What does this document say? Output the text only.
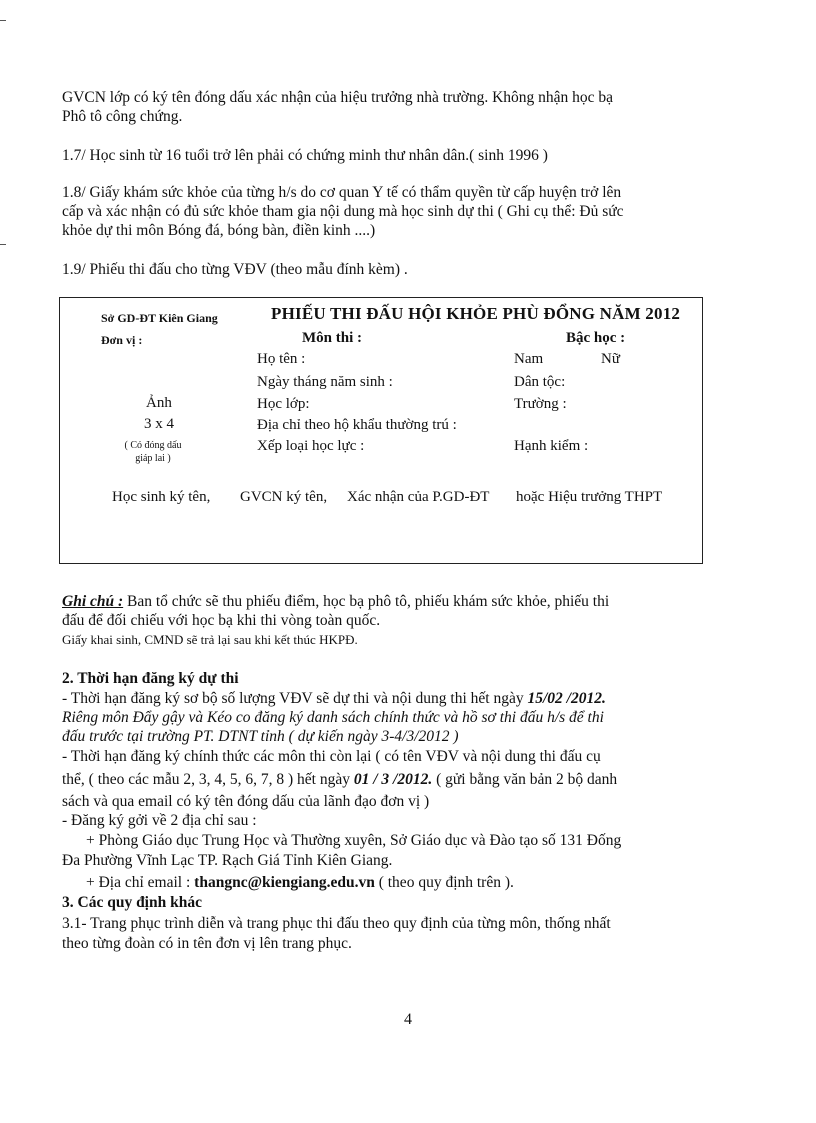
GVCN lớp có ký tên đóng dấu xác nhận của hiệu trưởng nhà trường. Không nhận học bạ
Phô tô công chứng.
1.7/ Học sinh từ 16 tuổi trở lên phải có chứng minh thư nhân dân.( sinh 1996 )
1.8/ Giấy khám sức khỏe của từng h/s do cơ quan Y tế có thẩm quyền từ cấp huyện trở lên
cấp và xác nhận có đủ sức khỏe tham gia nội dung mà học sinh dự thi ( Ghi cụ thể: Đủ sức
khỏe dự thi môn Bóng đá, bóng bàn, điền kinh ....)
1.9/ Phiếu thi đấu cho từng VĐV (theo mẫu đính kèm) .
Sở GD-ĐT Kiên Giang	PHIẾU THI ĐẤU HỘI KHỎE PHÙ ĐỔNG NĂM 2012
Đơn vị :	Môn thi :	Bậc học :
Họ tên :	Nam	Nữ
Ngày tháng năm sinh :	Dân tộc:
Ảnh	Học lớp:	Trường :
3 x 4	Địa chỉ theo hộ khẩu thường trú :
( Có đóng dấu
giáp lai )
Xếp loại học lực :	Hạnh kiểm :
Học sinh ký tên, GVCN ký tên, Xác nhận của P.GD-ĐT hoặc Hiệu trưởng THPT
Ghi chú : Ban tổ chức sẽ thu phiếu điểm, học bạ phô tô, phiếu khám sức khỏe, phiếu thi
đấu để đối chiếu với học bạ khi thi vòng toàn quốc.
Giấy khai sinh, CMND sẽ trả lại sau khi kết thúc HKPĐ.
2. Thời hạn đăng ký dự thi
- Thời hạn đăng ký sơ bộ số lượng VĐV sẽ dự thi và nội dung thi hết ngày 15/02 /2012.
Riêng môn Đẩy gậy và Kéo co đăng ký danh sách chính thức và hồ sơ thi đấu h/s để thi
đấu trước tại trường PT. DTNT tỉnh ( dự kiến ngày 3-4/3/2012 )
- Thời hạn đăng ký chính thức các môn thi còn lại ( có tên VĐV và nội dung thi đấu cụ
thể, ( theo các mẫu 2, 3, 4, 5, 6, 7, 8 ) hết ngày 01 / 3 /2012. ( gửi bằng văn bản 2 bộ danh
sách và qua email có ký tên đóng dấu của lãnh đạo đơn vị )
- Đăng ký gởi về 2 địa chỉ sau :
+ Phòng Giáo dục Trung Học và Thường xuyên, Sở Giáo dục và Đào tạo số 131 Đống
Đa Phường Vĩnh Lạc TP. Rạch Giá Tỉnh Kiên Giang.
+ Địa chỉ email : thangnc@kiengiang.edu.vn ( theo quy định trên ).
3. Các quy định khác
3.1- Trang phục trình diễn và trang phục thi đấu theo quy định của từng môn, thống nhất
theo từng đoàn có in tên đơn vị lên trang phục.
4
